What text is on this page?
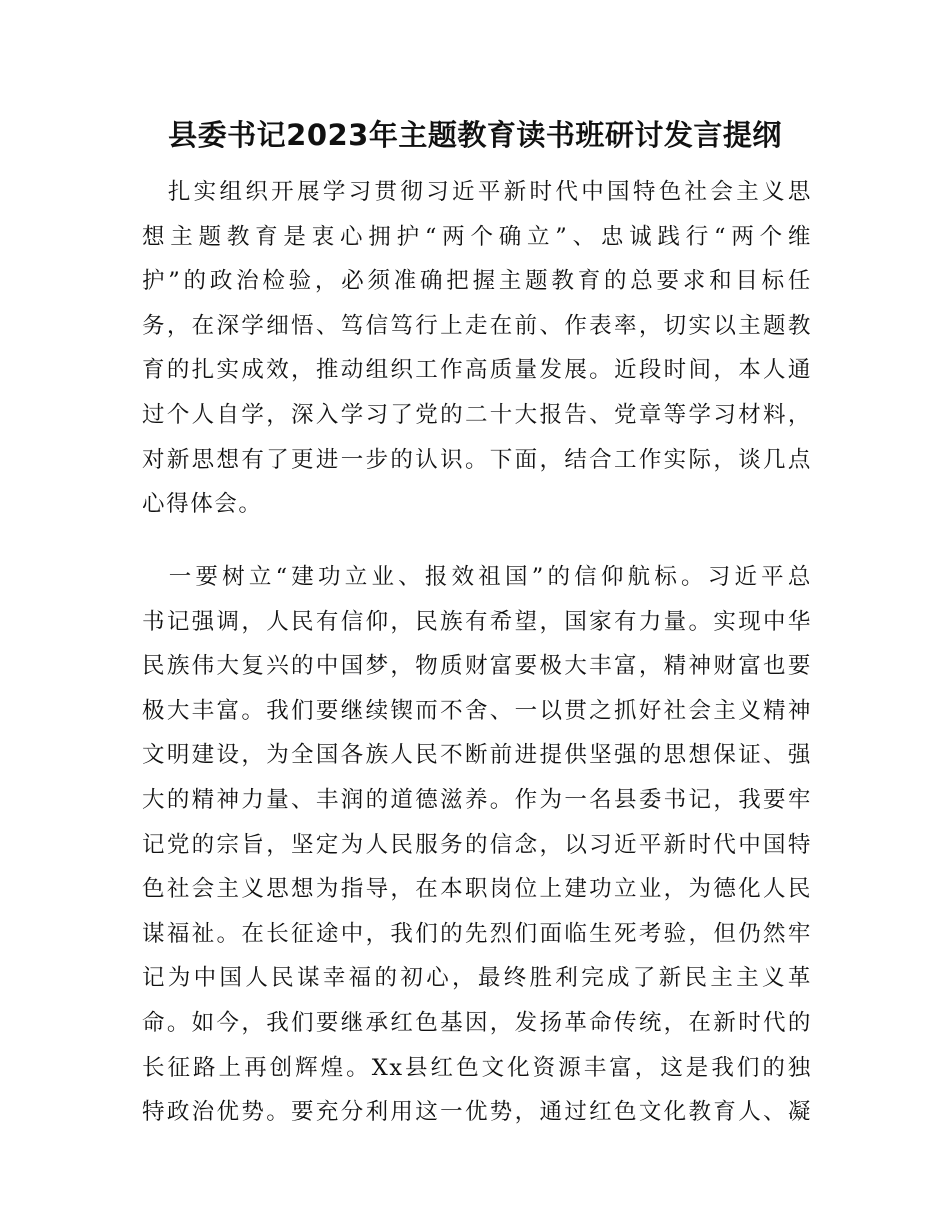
县委书记2023年主题教育读书班研讨发言提纲
　扎实组织开展学习贯彻习近平新时代中国特色社会主义思
想主题教育是衷心拥护“两个确立”、忠诚践行“两个维
护”的政治检验，必须准确把握主题教育的总要求和目标任
务，在深学细悟、笃信笃行上走在前、作表率，切实以主题教
育的扎实成效，推动组织工作高质量发展。近段时间，本人通
过个人自学，深入学习了党的二十大报告、党章等学习材料，
对新思想有了更进一步的认识。下面，结合工作实际，谈几点
心得体会。
　一要树立“建功立业、报效祖国”的信仰航标。习近平总
书记强调，人民有信仰，民族有希望，国家有力量。实现中华
民族伟大复兴的中国梦，物质财富要极大丰富，精神财富也要
极大丰富。我们要继续锲而不舍、一以贯之抓好社会主义精神
文明建设，为全国各族人民不断前进提供坚强的思想保证、强
大的精神力量、丰润的道德滋养。作为一名县委书记，我要牢
记党的宗旨，坚定为人民服务的信念，以习近平新时代中国特
色社会主义思想为指导，在本职岗位上建功立业，为德化人民
谋福祉。在长征途中，我们的先烈们面临生死考验，但仍然牢
记为中国人民谋幸福的初心，最终胜利完成了新民主主义革
命。如今，我们要继承红色基因，发扬革命传统，在新时代的
长征路上再创辉煌。Xx县红色文化资源丰富，这是我们的独
特政治优势。要充分利用这一优势，通过红色文化教育人、凝
